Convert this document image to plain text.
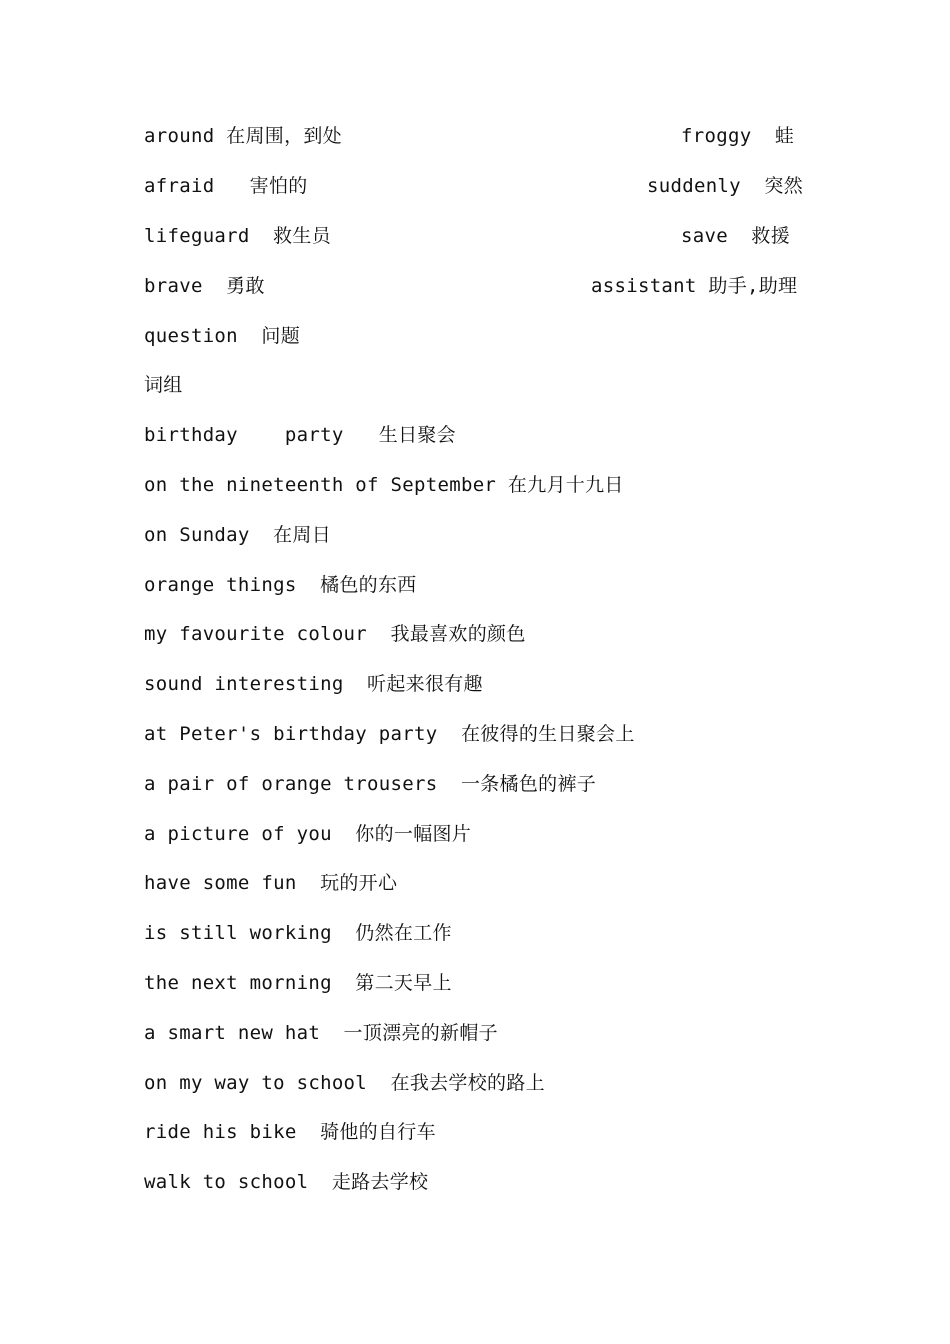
around 在周围，到处	froggy  蛙
afraid   害怕的	suddenly  突然
lifeguard  救生员	save  救援
brave  勇敢	assistant 助手,助理
question  问题
词组
birthday    party   生日聚会
on the nineteenth of September 在九月十九日
on Sunday  在周日
orange things  橘色的东西
my favourite colour  我最喜欢的颜色
sound interesting  听起来很有趣
at Peter's birthday party  在彼得的生日聚会上
a pair of orange trousers  一条橘色的裤子
a picture of you  你的一幅图片
have some fun  玩的开心
is still working  仍然在工作
the next morning  第二天早上
a smart new hat  一顶漂亮的新帽子
on my way to school  在我去学校的路上
ride his bike  骑他的自行车
walk to school  走路去学校
